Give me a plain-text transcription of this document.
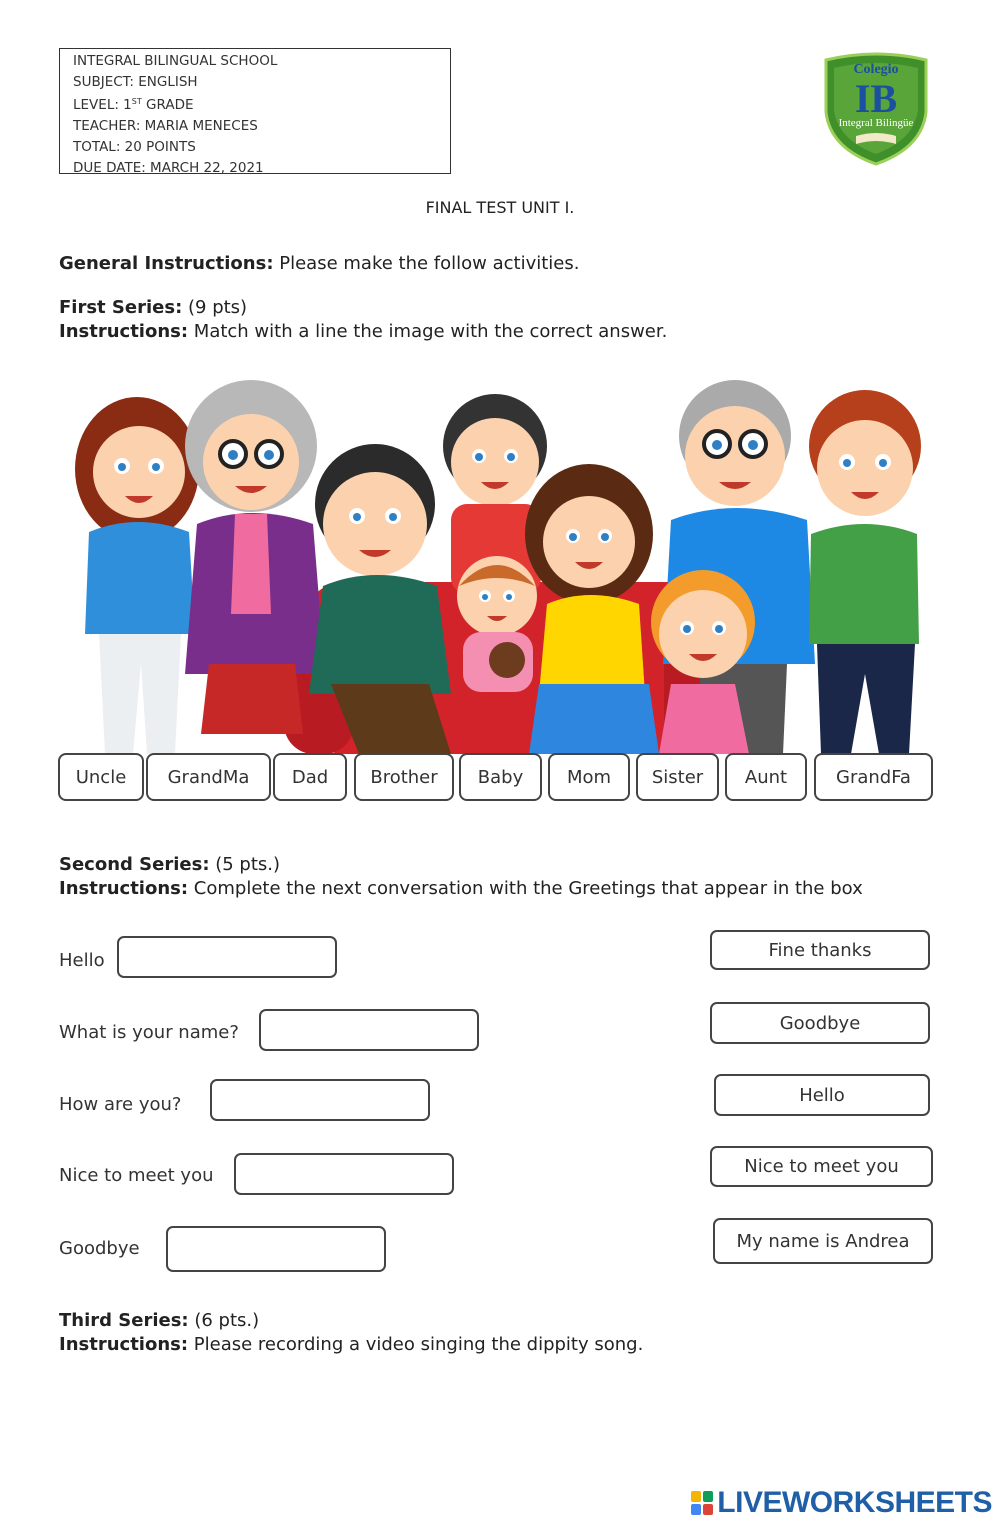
INTEGRAL BILINGUAL SCHOOL
SUBJECT: ENGLISH
LEVEL: 1ST GRADE
TEACHER: MARIA MENECES
TOTAL: 20 POINTS
DUE DATE: MARCH 22, 2021
Colegio
IB
Integral Bilingüe
FINAL TEST UNIT I.
General Instructions: Please make the follow activities.
First Series: (9 pts)
Instructions: Match with a line the image with the correct answer.
Uncle	GrandMa	Dad	Brother	Baby	Mom	Sister	Aunt	GrandFa
Second Series: (5 pts.)
Instructions: Complete the next conversation with the Greetings that appear in the box
Hello
What is your name?
How are you?
Nice to meet you
Goodbye
Fine thanks
Goodbye
Hello
Nice to meet you
My name is Andrea
Third Series: (6 pts.)
Instructions: Please recording a video singing the dippity song.
LIVEWORKSHEETS
